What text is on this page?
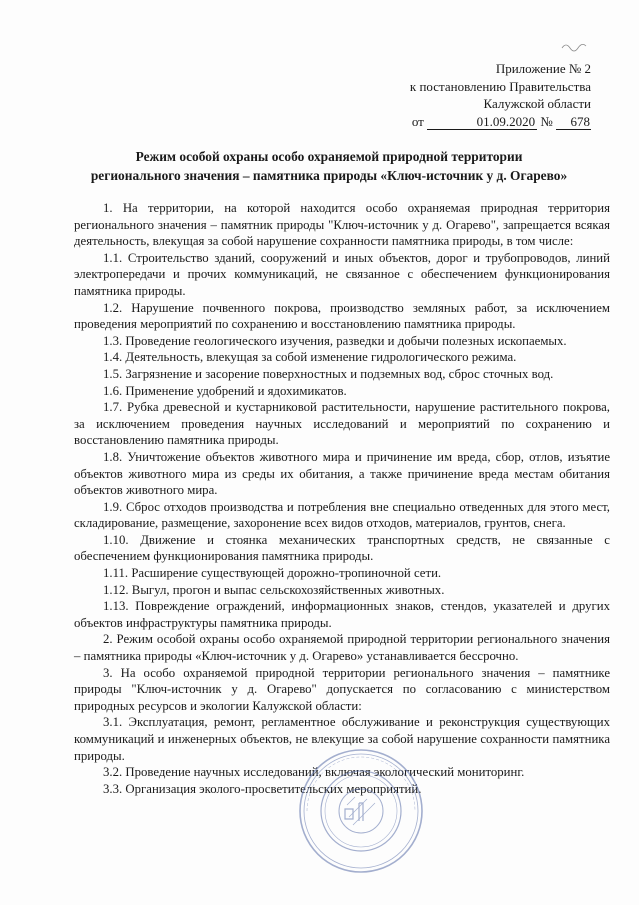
Приложение № 2
к постановлению Правительства
Калужской области
от	01.09.2020 № 678
Режим особой охраны особо охраняемой природной территории
регионального значения – памятника природы «Ключ-источник у д. Огарево»

1. На территории, на которой находится особо охраняемая природная территория регионального значения – памятник природы "Ключ-источник у д. Огарево", запрещается всякая деятельность, влекущая за собой нарушение сохранности памятника природы, в том числе:

1.1. Строительство зданий, сооружений и иных объектов, дорог и трубопроводов, линий электропередачи и прочих коммуникаций, не связанное с обеспечением функционирования памятника природы.

1.2. Нарушение почвенного покрова, производство земляных работ, за исключением проведения мероприятий по сохранению и восстановлению памятника природы.

1.3. Проведение геологического изучения, разведки и добычи полезных ископаемых.

1.4. Деятельность, влекущая за собой изменение гидрологического режима.

1.5. Загрязнение и засорение поверхностных и подземных вод, сброс сточных вод.

1.6. Применение удобрений и ядохимикатов.

1.7. Рубка древесной и кустарниковой растительности, нарушение растительного покрова, за исключением проведения научных исследований и мероприятий по сохранению и восстановлению памятника природы.

1.8. Уничтожение объектов животного мира и причинение им вреда, сбор, отлов, изъятие объектов животного мира из среды их обитания, а также причинение вреда местам обитания объектов животного мира.

1.9. Сброс отходов производства и потребления вне специально отведенных для этого мест, складирование, размещение, захоронение всех видов отходов, материалов, грунтов, снега.

1.10. Движение и стоянка механических транспортных средств, не связанные с обеспечением функционирования памятника природы.

1.11. Расширение существующей дорожно-тропиночной сети.

1.12. Выгул, прогон и выпас сельскохозяйственных животных.

1.13. Повреждение ограждений, информационных знаков, стендов, указателей и других объектов инфраструктуры памятника природы.

2. Режим особой охраны особо охраняемой природной территории регионального значения – памятника природы «Ключ-источник у д. Огарево» устанавливается бессрочно.

3. На особо охраняемой природной территории регионального значения – памятнике природы "Ключ-источник у д. Огарево" допускается по согласованию с министерством природных ресурсов и экологии Калужской области:

3.1. Эксплуатация, ремонт, регламентное обслуживание и реконструкция существующих коммуникаций и инженерных объектов, не влекущие за собой нарушение сохранности памятника природы.

3.2. Проведение научных исследований, включая экологический мониторинг.

3.3. Организация эколого-просветительских мероприятий.
